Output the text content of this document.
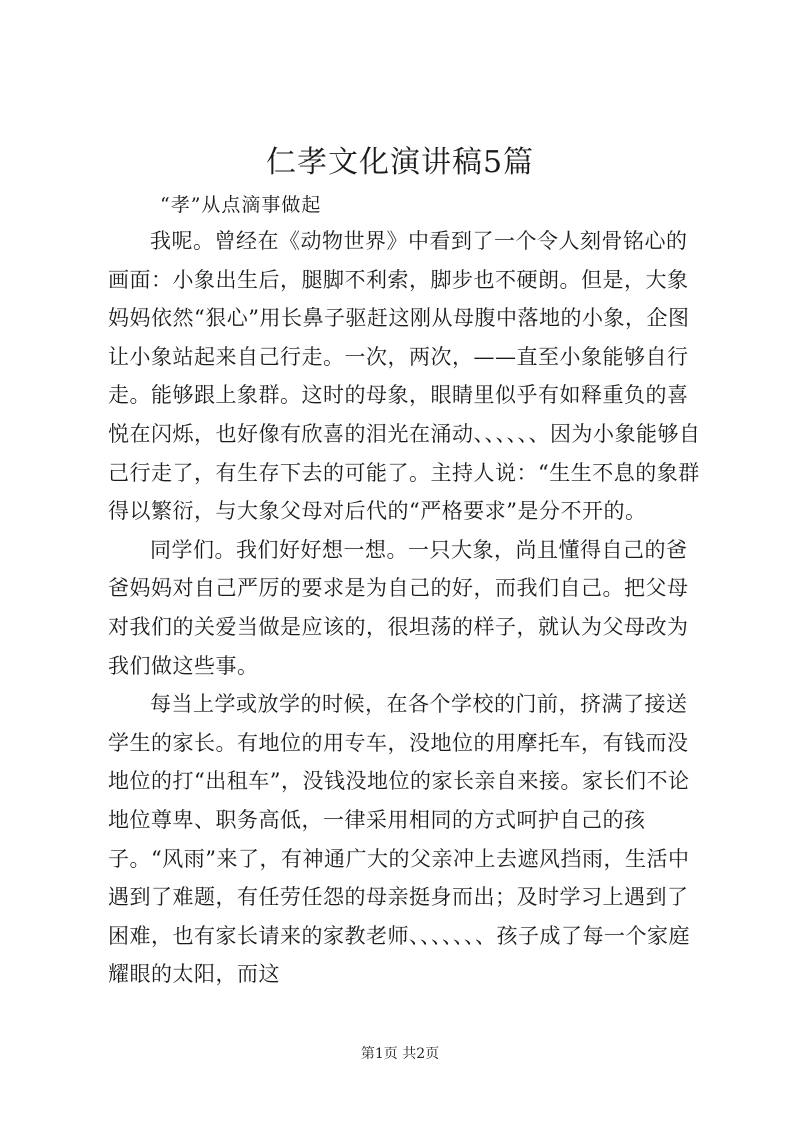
仁孝文化演讲稿5篇
“孝”从点滴事做起

我呢。曾经在《动物世界》中看到了一个令人刻骨铭心的画面：小象出生后，腿脚不利索，脚步也不硬朗。但是，大象妈妈依然“狠心”用长鼻子驱赶这刚从母腹中落地的小象，企图让小象站起来自己行走。一次，两次，——直至小象能够自行走。能够跟上象群。这时的母象，眼睛里似乎有如释重负的喜悦在闪烁，也好像有欣喜的泪光在涌动、、、、、、因为小象能够自己行走了，有生存下去的可能了。主持人说：“生生不息的象群得以繁衍，与大象父母对后代的“严格要求”是分不开的。

同学们。我们好好想一想。一只大象，尚且懂得自己的爸爸妈妈对自己严厉的要求是为自己的好，而我们自己。把父母对我们的关爱当做是应该的，很坦荡的样子，就认为父母改为我们做这些事。

每当上学或放学的时候，在各个学校的门前，挤满了接送学生的家长。有地位的用专车，没地位的用摩托车，有钱而没地位的打“出租车”，没钱没地位的家长亲自来接。家长们不论地位尊卑、职务高低，一律采用相同的方式呵护自己的孩子。“风雨”来了，有神通广大的父亲冲上去遮风挡雨，生活中遇到了难题，有任劳任怨的母亲挺身而出；及时学习上遇到了困难，也有家长请来的家教老师、、、、、、、孩子成了每一个家庭耀眼的太阳，而这

第1页 共2页
